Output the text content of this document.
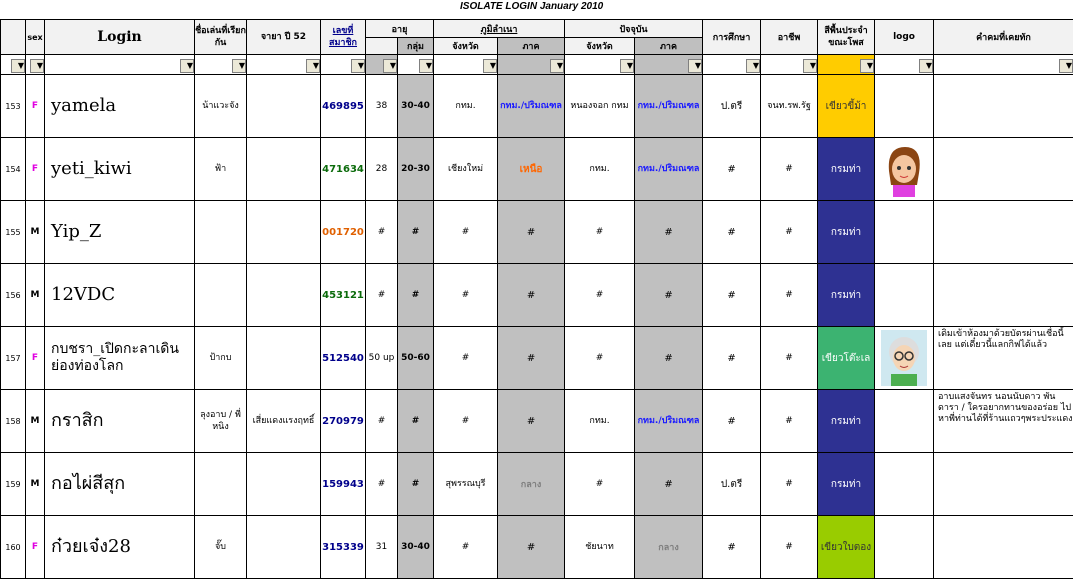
ISOLATE LOGIN January 2010
	sex	Login	ชื่อเล่นที่เรียกกัน	จายา ปี 52	เลขที่สมาชิก	อายุ		ภูมิลำเนา		ปัจจุบัน		การศึกษา	อาชีพ	สีพื้นประจำขณะโพส	logo	คำคมที่เคยทัก
							กลุ่ม	จังหวัด	ภาค	จังหวัด	ภาค					
▼	▼	▼	▼	▼	▼	▼	▼	▼	▼	▼	▼	▼	▼	▼	▼	▼
153	F	yamela	น้าแวะจัง		469895	38	30-40	กทม.	กทม./ปริมณฑล	หนองจอก กทม	กทม./ปริมณฑล	ป.ตรี	จนท.รพ.รัฐ	เขียวขี้ม้า		
154	F	yeti_kiwi	ฟ้า		471634	28	20-30	เชียงใหม่	เหนือ	กทม.	กทม./ปริมณฑล	#	#	กรมท่า	

155	M	Yip_Z			001720	#	#	#	#	#	#	#	#	กรมท่า		
156	M	12VDC			453121	#	#	#	#	#	#	#	#	กรมท่า		
157	F	กบชรา_เปิดกะลาเดินย่องท่องโลก	ป้ากบ		512540	50 up	50-60	#	#	#	#	#	#	เขียวโต๊ะเล		เดิมเข้าห้องมาด้วยบัตรผ่านเชื่อนี้เลย แต่เดี๋ยวนี้แลกกิฟได้แล้ว
158	M	กราสิก	ลุงอาบ / พี่หนิง	เสี่ยแดงแรงฤทธิ์	270979	#	#	#	#	กทม.	กทม./ปริมณฑล	#	#	กรมท่า		อาบแสงจันทร นอนนับดาว พันดารา / ใครอยากทานของอร่อย ไปหาพี่ท่านได้ที่ร้านแถวๆพระประแดง
159	M	กอไผ่สีสุก			159943	#	#	สุพรรณบุรี	กลาง	#	#	ป.ตรี	#	กรมท่า		
160	F	ก๋วยเจ๋ง28	จั๊บ		315339	31	30-40	#	#	ชัยนาท	กลาง	#	#	เขียวใบตอง		
